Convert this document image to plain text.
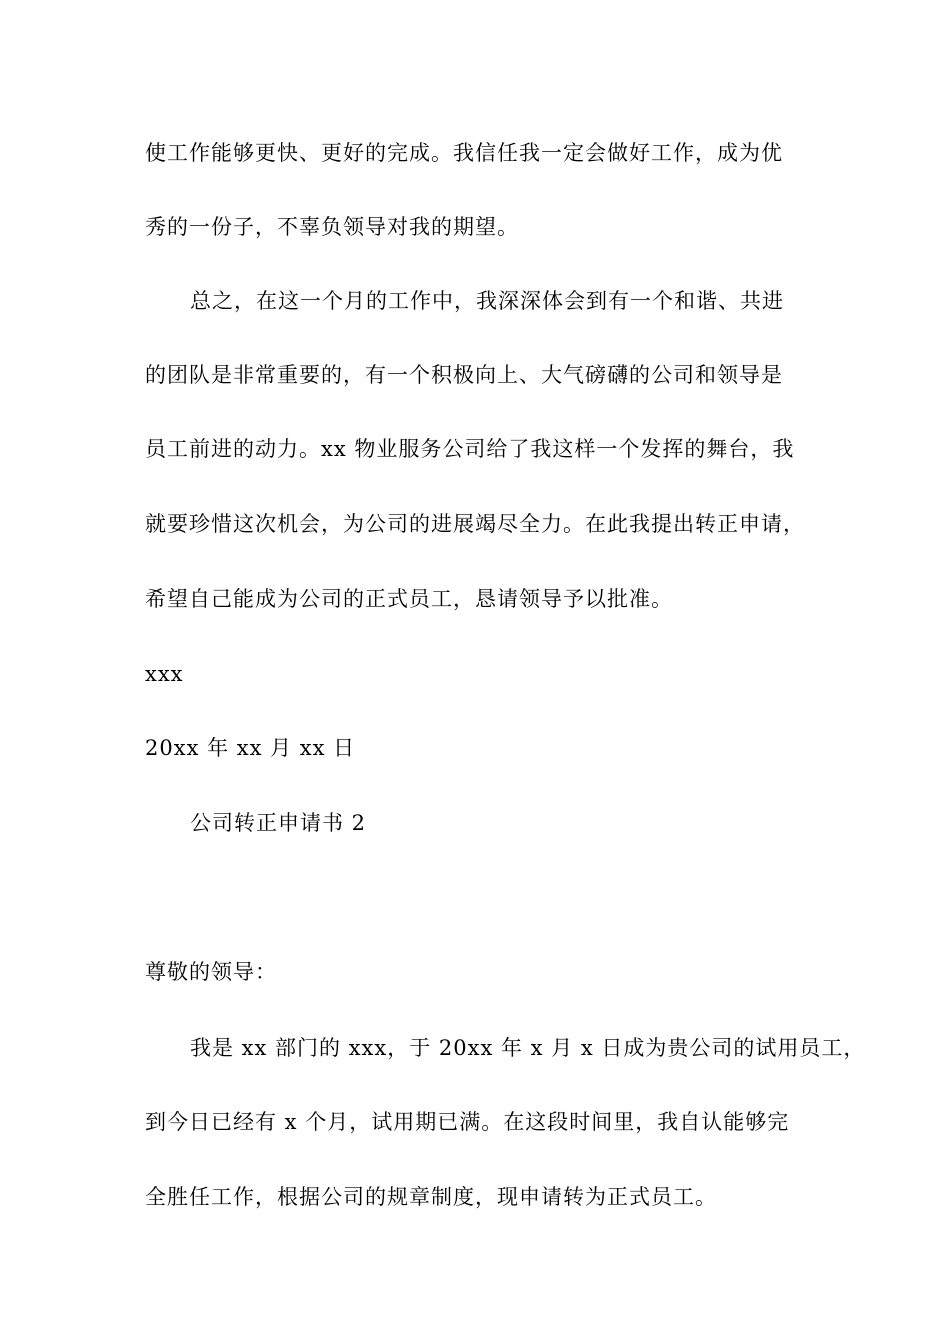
使工作能够更快、更好的完成。我信任我一定会做好工作，成为优
秀的一份子，不辜负领导对我的期望。
总之，在这一个月的工作中，我深深体会到有一个和谐、共进
的团队是非常重要的，有一个积极向上、大气磅礴的公司和领导是
员工前进的动力。xx 物业服务公司给了我这样一个发挥的舞台，我
就要珍惜这次机会，为公司的进展竭尽全力。在此我提出转正申请，
希望自己能成为公司的正式员工，恳请领导予以批准。
xxx
20xx 年 xx 月 xx 日
公司转正申请书 2
尊敬的领导：
我是 xx 部门的 xxx，于 20xx 年 x 月 x 日成为贵公司的试用员工，
到今日已经有 x 个月，试用期已满。在这段时间里，我自认能够完
全胜任工作，根据公司的规章制度，现申请转为正式员工。
